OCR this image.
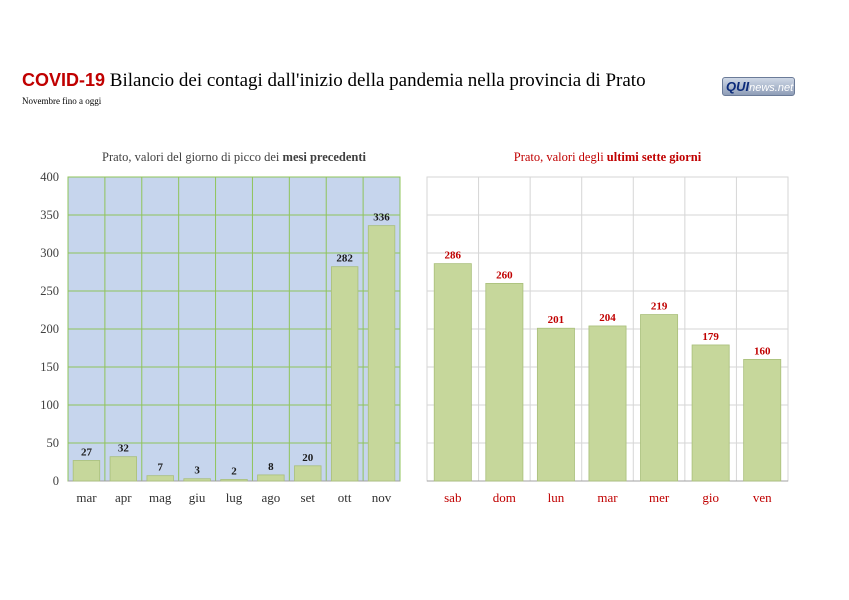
COVID-19 Bilancio dei contagi dall'inizio della pandemia nella provincia di Prato
Novembre fino a oggi
QUInews.net
0
50
100
150
200
250
300
350
400
27
mar
32
apr
7
mag
3
giu
2
lug
8
ago
20
set
282
ott
336
nov
Prato, valori del giorno di picco dei mesi precedenti
286
sab
260
dom
201
lun
204
mar
219
mer
179
gio
160
ven
Prato, valori degli ultimi sette giorni
